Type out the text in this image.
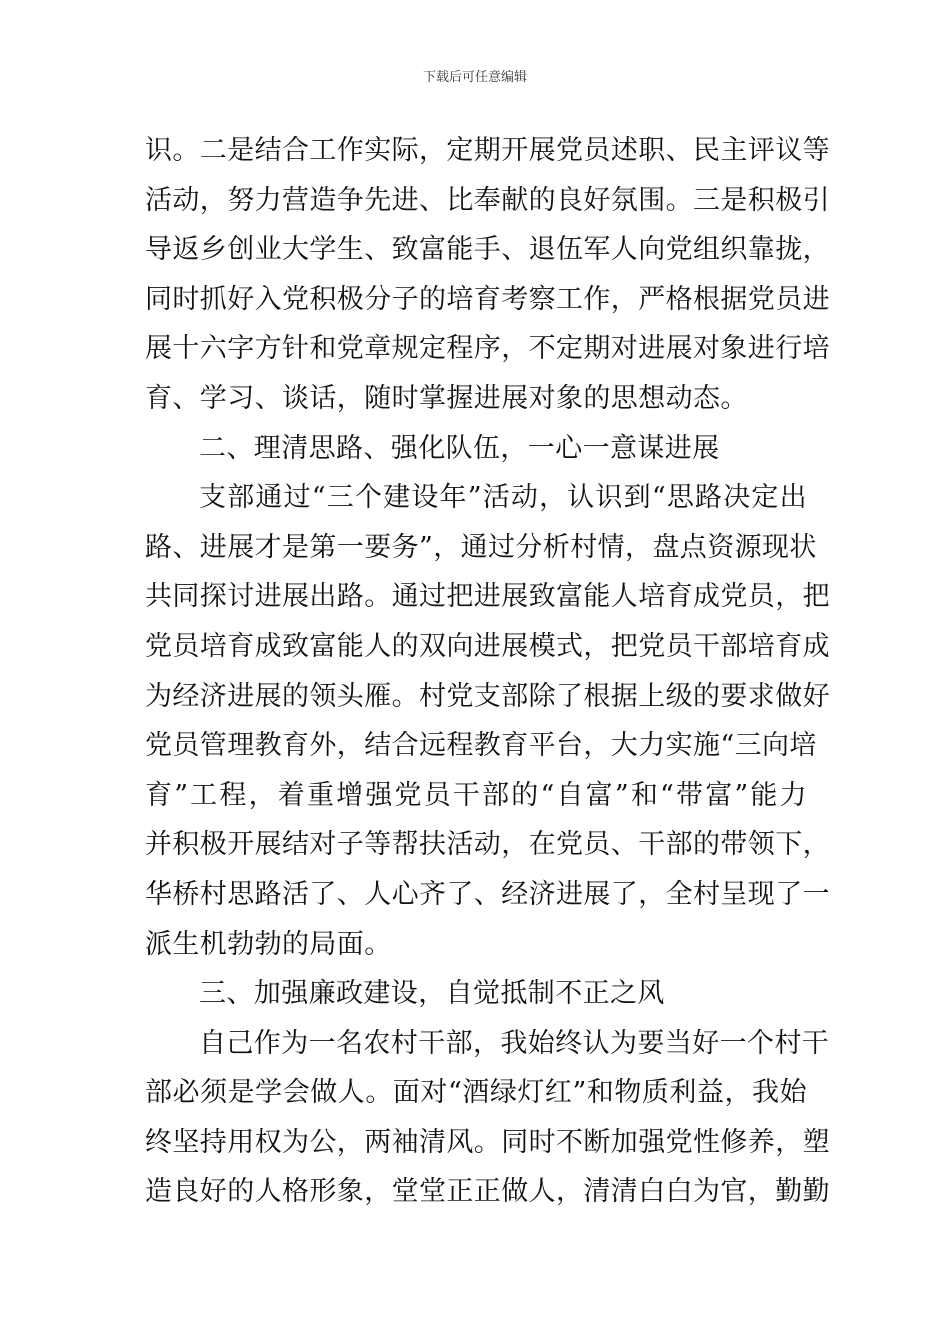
下载后可任意编辑
识。二是结合工作实际，定期开展党员述职、民主评议等
活动，努力营造争先进、比奉献的良好氛围。三是积极引
导返乡创业大学生、致富能手、退伍军人向党组织靠拢，
同时抓好入党积极分子的培育考察工作，严格根据党员进
展十六字方针和党章规定程序，不定期对进展对象进行培
育、学习、谈话，随时掌握进展对象的思想动态。
二、理清思路、强化队伍，一心一意谋进展
支部通过“三个建设年”活动，认识到“思路决定出
路、进展才是第一要务”，通过分析村情，盘点资源现状
共同探讨进展出路。通过把进展致富能人培育成党员，把
党员培育成致富能人的双向进展模式，把党员干部培育成
为经济进展的领头雁。村党支部除了根据上级的要求做好
党员管理教育外，结合远程教育平台，大力实施“三向培
育”工程，着重增强党员干部的“自富”和“带富”能力
并积极开展结对子等帮扶活动，在党员、干部的带领下，
华桥村思路活了、人心齐了、经济进展了，全村呈现了一
派生机勃勃的局面。
三、加强廉政建设，自觉抵制不正之风
自己作为一名农村干部，我始终认为要当好一个村干
部必须是学会做人。面对“酒绿灯红”和物质利益，我始
终坚持用权为公，两袖清风。同时不断加强党性修养，塑
造良好的人格形象，堂堂正正做人，清清白白为官，勤勤
